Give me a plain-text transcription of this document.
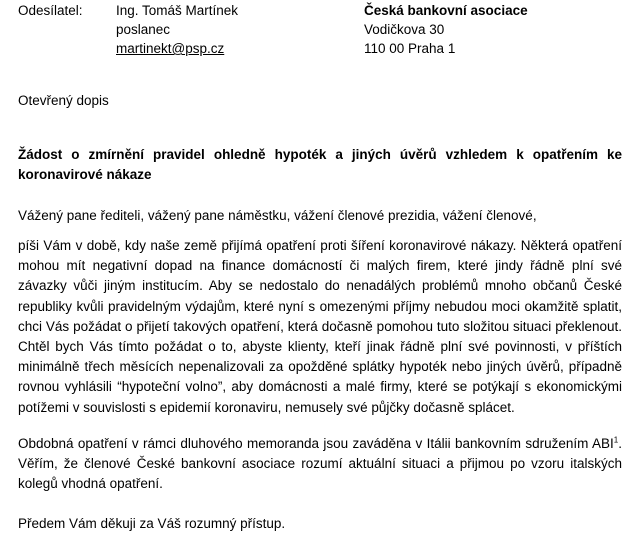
Odesílatel: Ing. Tomáš Martínek
poslanec
martinekt@psp.cz
Česká bankovní asociace
Vodičkova 30
110 00 Praha 1
Otevřený dopis
Žádost o zmírnění pravidel ohledně hypoték a jiných úvěrů vzhledem k opatřením ke koronavirové nákaze

Vážený pane řediteli, vážený pane náměstku, vážení členové prezidia, vážení členové,

píši Vám v době, kdy naše země přijímá opatření proti šíření koronavirové nákazy. Některá opatření mohou mít negativní dopad na finance domácností či malých firem, které jindy řádně plní své závazky vůči jiným institucím. Aby se nedostalo do nenadálých problémů mnoho občanů České republiky kvůli pravidelným výdajům, které nyní s omezenými příjmy nebudou moci okamžitě splatit, chci Vás požádat o přijetí takových opatření, která dočasně pomohou tuto složitou situaci překlenout. Chtěl bych Vás tímto požádat o to, abyste klienty, kteří jinak řádně plní své povinnosti, v příštích minimálně třech měsících nepenalizovali za opožděné splátky hypoték nebo jiných úvěrů, případně rovnou vyhlásili “hypoteční volno”, aby domácnosti a malé firmy, které se potýkají s ekonomickými potížemi v souvislosti s epidemií koronaviru, nemusely své půjčky dočasně splácet.

Obdobná opatření v rámci dluhového memoranda jsou zaváděna v Itálii bankovním sdružením ABI$^1$. Věřím, že členové České bankovní asociace rozumí aktuální situaci a přijmou po vzoru italských kolegů vhodná opatření.

Předem Vám děkuji za Váš rozumný přístup.
